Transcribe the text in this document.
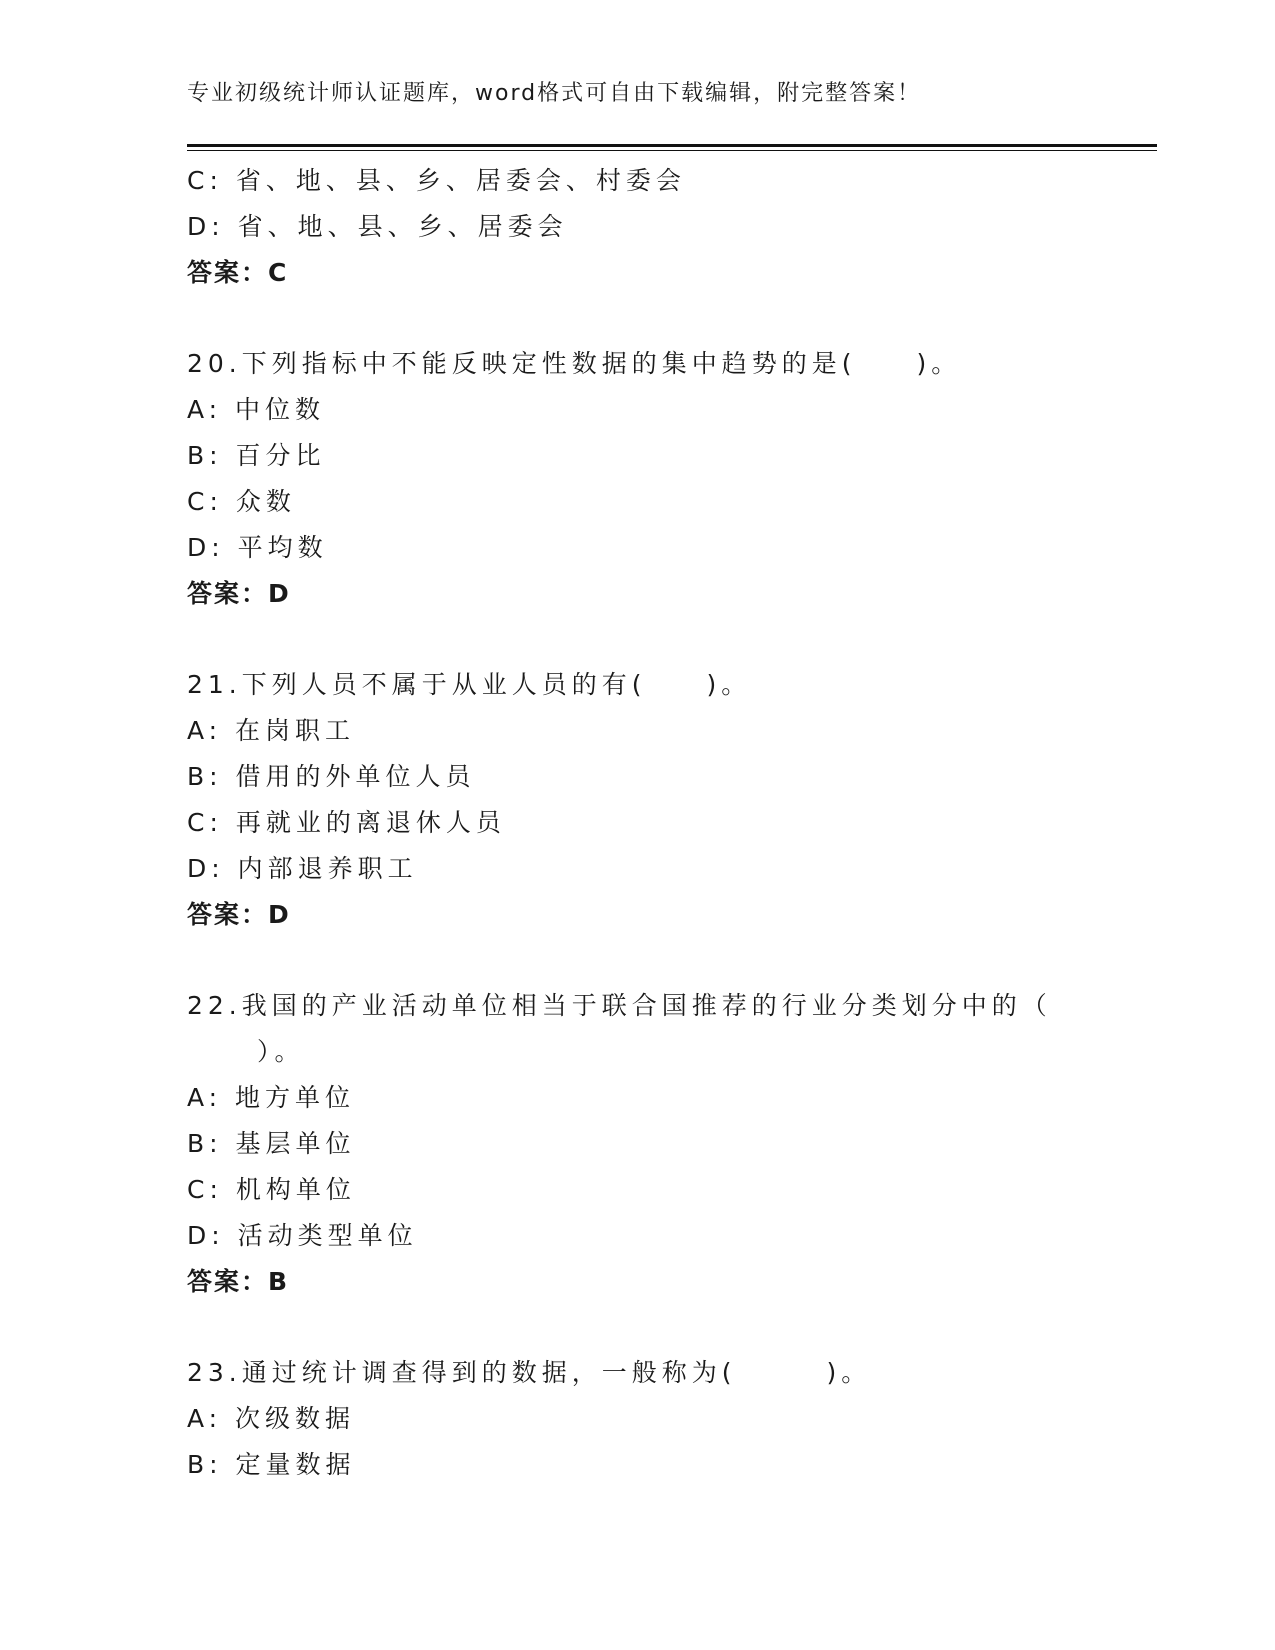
专业初级统计师认证题库，word格式可自由下载编辑，附完整答案！
C: 省、地、县、乡、居委会、村委会
D: 省、地、县、乡、居委会
答案：C
20.下列指标中不能反映定性数据的集中趋势的是(　　)。
A: 中位数
B: 百分比
C: 众数
D: 平均数
答案：D
21.下列人员不属于从业人员的有(　　)。
A: 在岗职工
B: 借用的外单位人员
C: 再就业的离退休人员
D: 内部退养职工
答案：D
22.我国的产业活动单位相当于联合国推荐的行业分类划分中的（
）。
A: 地方单位
B: 基层单位
C: 机构单位
D: 活动类型单位
答案：B
23.通过统计调查得到的数据，一般称为(　　　)。
A: 次级数据
B: 定量数据
